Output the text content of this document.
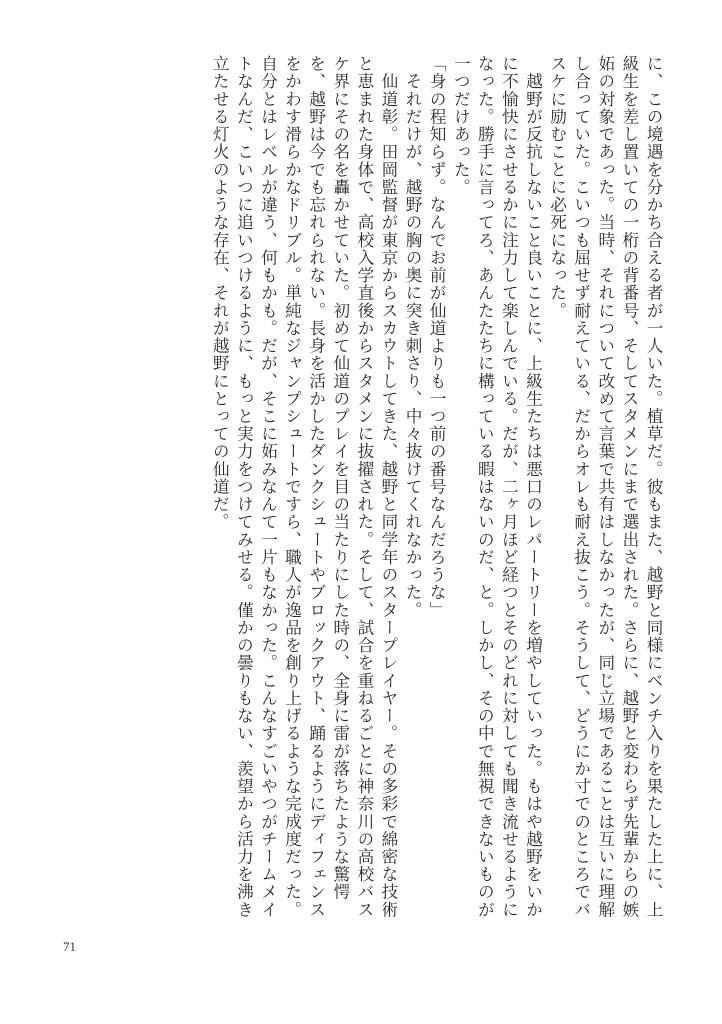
に、この境遇を分かち合える者が一人いた。植草だ。彼もまた、越野と同様にベンチ入りを果たした上に、上級生を差し置いての一桁の背番号、そしてスタメンにまで選出された。さらに、越野と変わらず先輩からの嫉妬の対象であった。当時、それについて改めて言葉で共有はしなかったが、同じ立場であることは互いに理解し合っていた。こいつも屈せず耐えている、だからオレも耐え抜こう。そうして、どうにか寸でのところでバスケに励むことに必死になった。

　越野が反抗しないこと良いことに、上級生たちは悪口のレパートリーを増やしていった。もはや越野をいかに不愉快にさせるかに注力して楽しんでいる。だが、二ヶ月ほど経つとそのどれに対しても聞き流せるようになった。勝手に言ってろ、あんたたちに構っている暇はないのだ、と。しかし、その中で無視できないものが一つだけあった。

「身の程知らず。なんでお前が仙道よりも一つ前の番号なんだろうな」

　それだけが、越野の胸の奥に突き刺さり、中々抜けてくれなかった。

　仙道彰。田岡監督が東京からスカウトしてきた、越野と同学年のスタープレイヤー。その多彩で綿密な技術と恵まれた身体で、高校入学直後からスタメンに抜擢された。そして、試合を重ねるごとに神奈川の高校バスケ界にその名を轟かせていた。初めて仙道のプレイを目の当たりにした時の、全身に雷が落ちたような驚愕を、越野は今でも忘れられない。長身を活かしたダンクシュートやブロックアウト、踊るようにディフェンスをかわす滑らかなドリブル。単純なジャンプシュートですら、職人が逸品を創り上げるような完成度だった。自分とはレベルが違う、何もかも。だが、そこに妬みなんて一片もなかった。こんなすごいやつがチームメイトなんだ、こいつに追いつけるように、もっと実力をつけてみせる。僅かの曇りもない、羨望から活力を沸き立たせる灯火のような存在、それが越野にとっての仙道だ。

71
